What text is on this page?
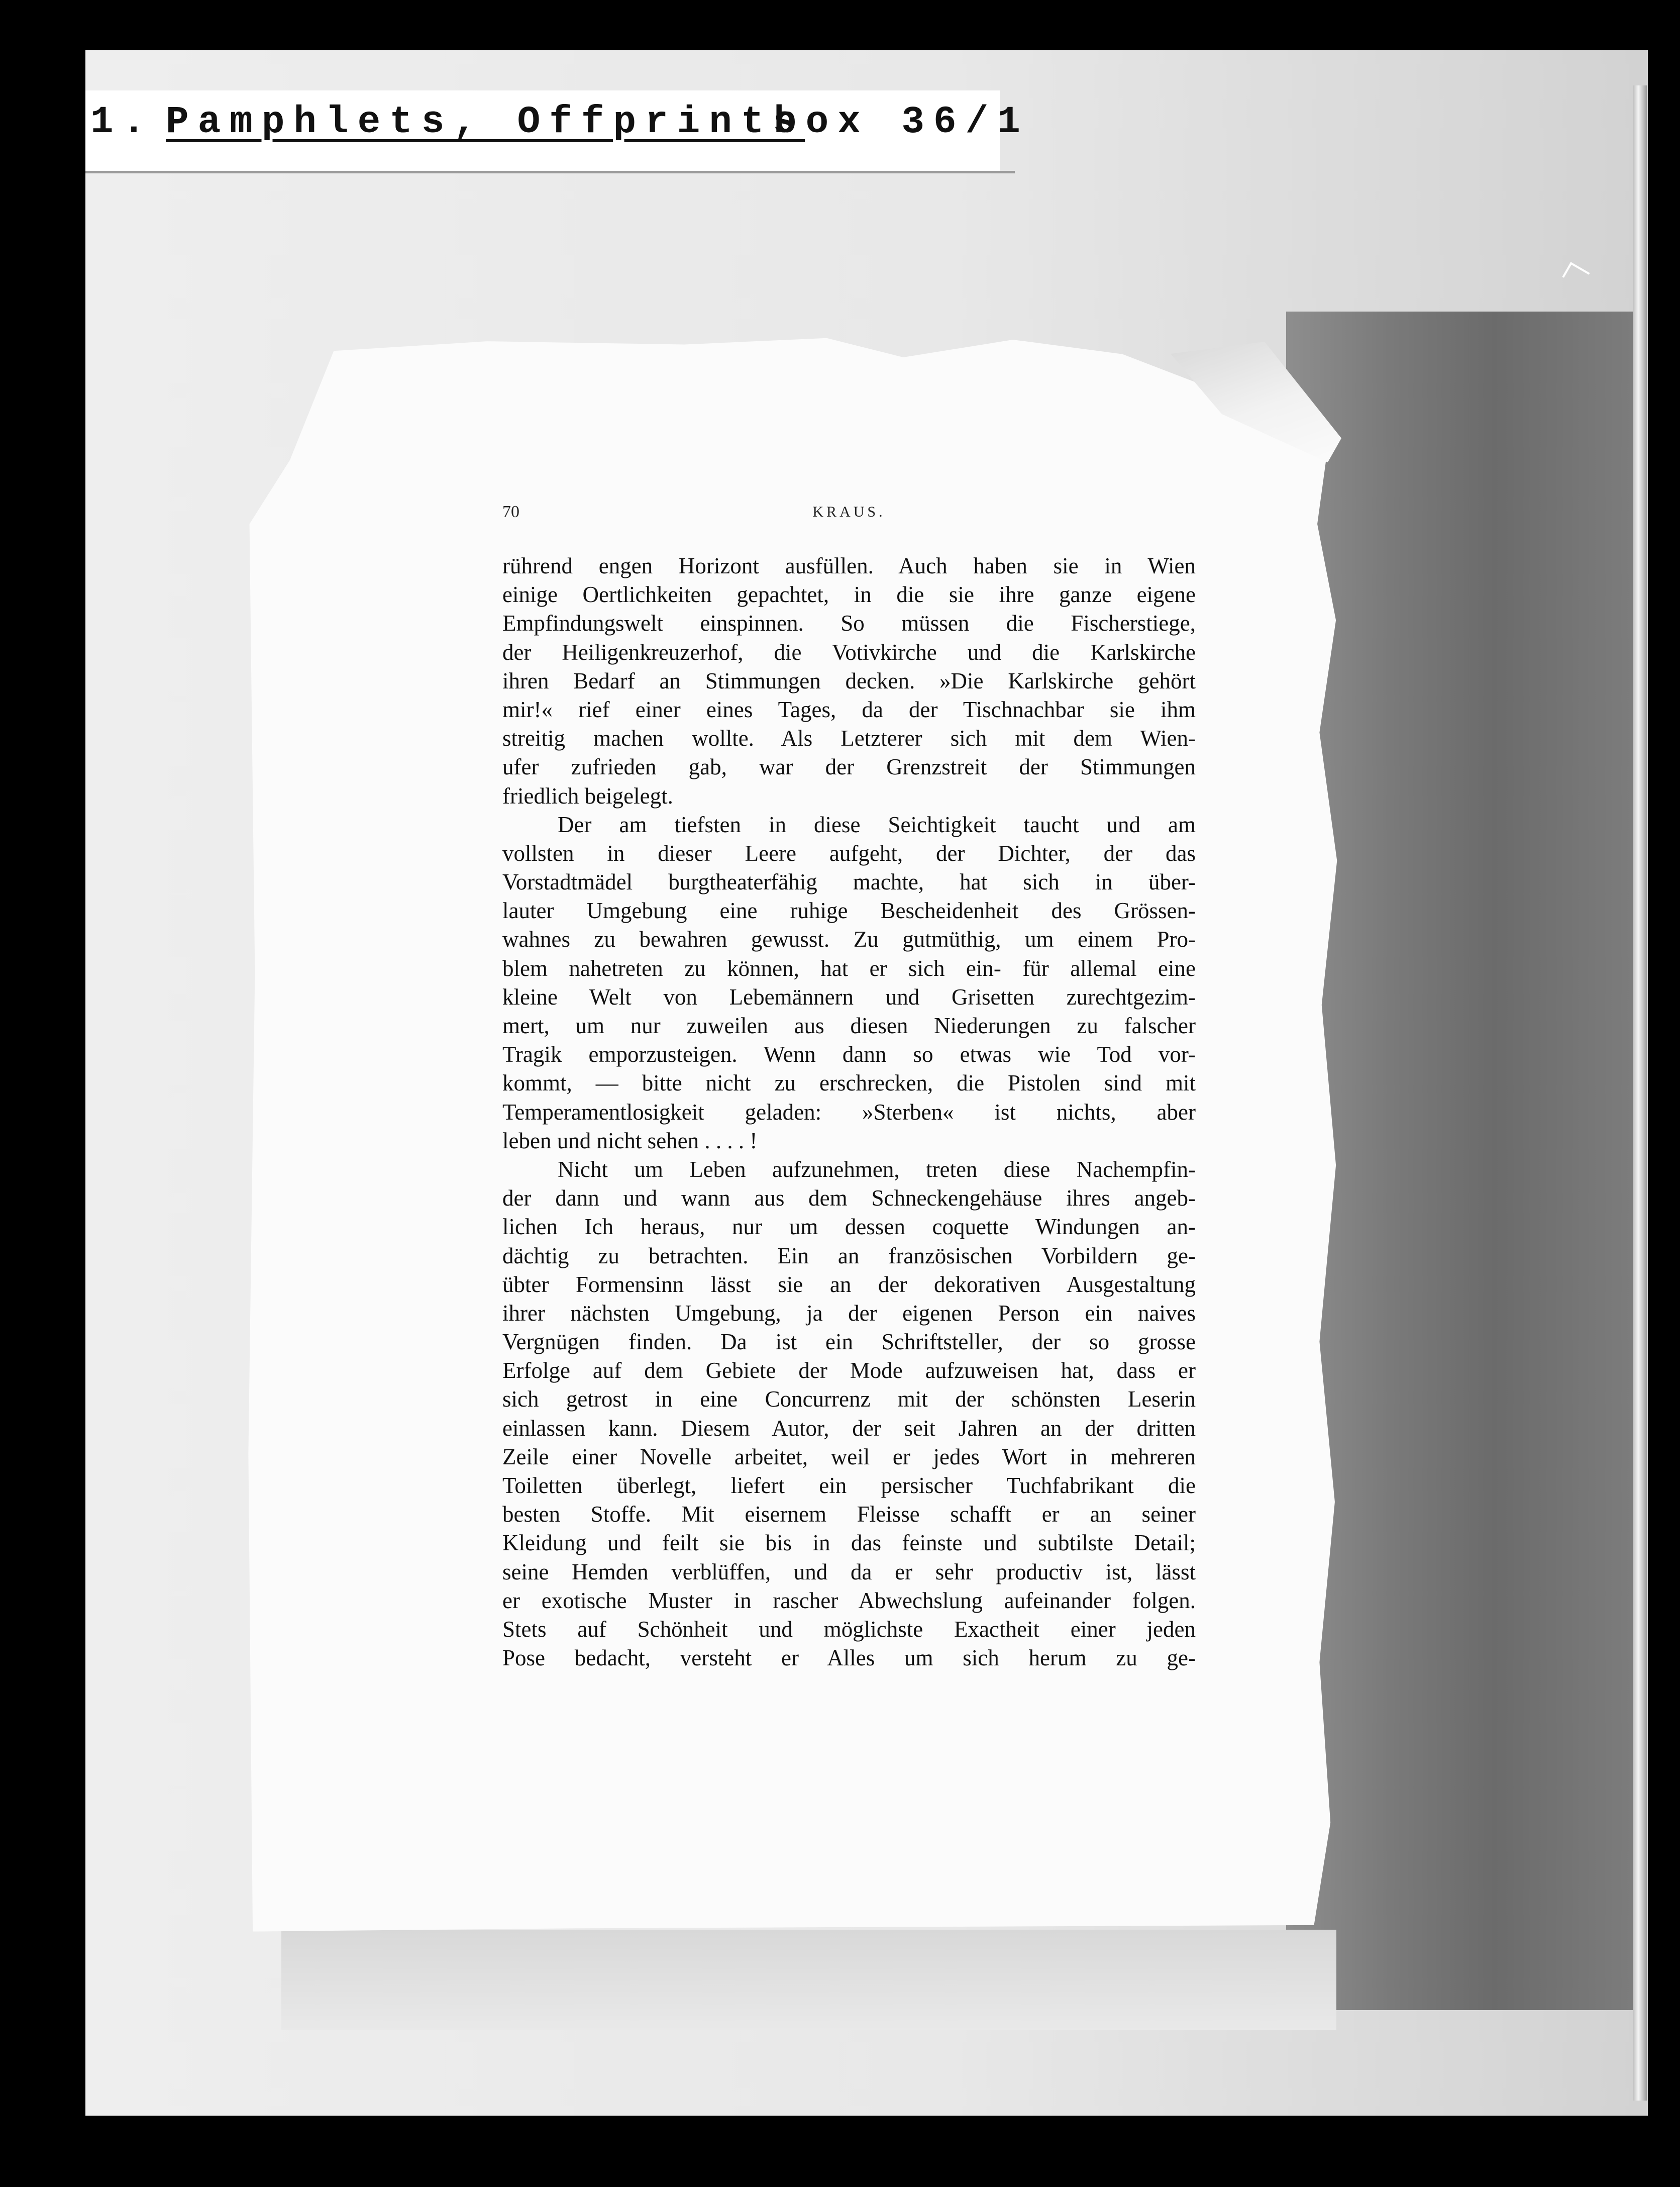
1. Pamphlets, Offprints
box 36/1
70	KRAUS.
rührend engen Horizont ausfüllen. Auch haben sie in Wien
einige Oertlichkeiten gepachtet, in die sie ihre ganze eigene
Empfindungswelt einspinnen. So müssen die Fischerstiege,
der Heiligenkreuzerhof, die Votivkirche und die Karlskirche
ihren Bedarf an Stimmungen decken. »Die Karlskirche gehört
mir!« rief einer eines Tages, da der Tischnachbar sie ihm
streitig machen wollte. Als Letzterer sich mit dem Wien-
ufer zufrieden gab, war der Grenzstreit der Stimmungen
friedlich beigelegt.
Der am tiefsten in diese Seichtigkeit taucht und am
vollsten in dieser Leere aufgeht, der Dichter, der das
Vorstadtmädel burgtheaterfähig machte, hat sich in über-
lauter Umgebung eine ruhige Bescheidenheit des Grössen-
wahnes zu bewahren gewusst. Zu gutmüthig, um einem Pro-
blem nahetreten zu können, hat er sich ein- für allemal eine
kleine Welt von Lebemännern und Grisetten zurechtgezim-
mert, um nur zuweilen aus diesen Niederungen zu falscher
Tragik emporzusteigen. Wenn dann so etwas wie Tod vor-
kommt, — bitte nicht zu erschrecken, die Pistolen sind mit
Temperamentlosigkeit geladen: »Sterben« ist nichts, aber
leben und nicht sehen . . . . !
Nicht um Leben aufzunehmen, treten diese Nachempfin-
der dann und wann aus dem Schneckengehäuse ihres angeb-
lichen Ich heraus, nur um dessen coquette Windungen an-
dächtig zu betrachten. Ein an französischen Vorbildern ge-
übter Formensinn lässt sie an der dekorativen Ausgestaltung
ihrer nächsten Umgebung, ja der eigenen Person ein naives
Vergnügen finden. Da ist ein Schriftsteller, der so grosse
Erfolge auf dem Gebiete der Mode aufzuweisen hat, dass er
sich getrost in eine Concurrenz mit der schönsten Leserin
einlassen kann. Diesem Autor, der seit Jahren an der dritten
Zeile einer Novelle arbeitet, weil er jedes Wort in mehreren
Toiletten überlegt, liefert ein persischer Tuchfabrikant die
besten Stoffe. Mit eisernem Fleisse schafft er an seiner
Kleidung und feilt sie bis in das feinste und subtilste Detail;
seine Hemden verblüffen, und da er sehr productiv ist, lässt
er exotische Muster in rascher Abwechslung aufeinander folgen.
Stets auf Schönheit und möglichste Exactheit einer jeden
Pose bedacht, versteht er Alles um sich herum zu ge-
